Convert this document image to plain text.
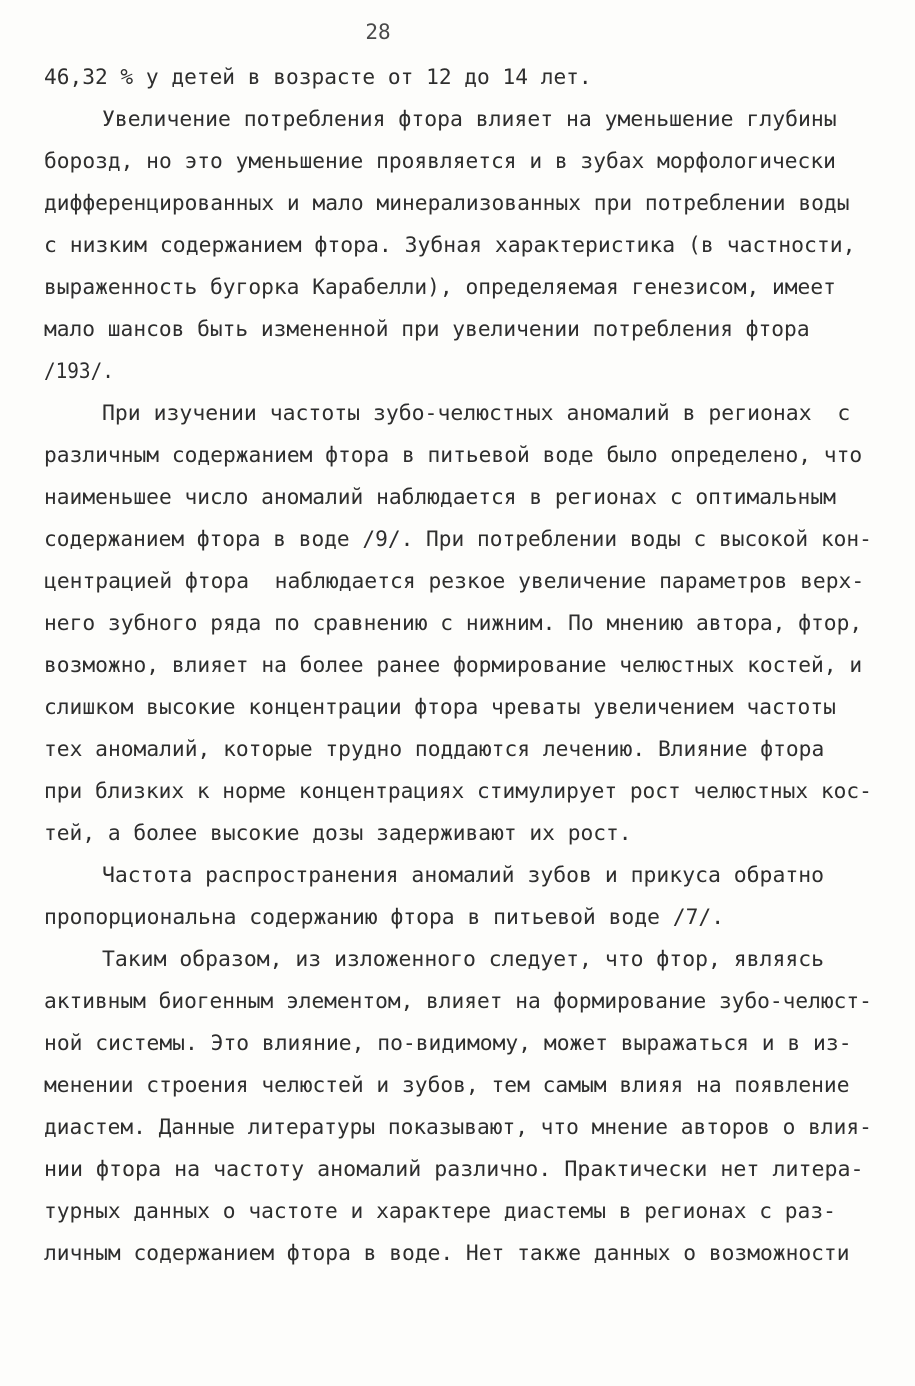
28
46,32 % у детей в возрасте от 12 до 14 лет.
Увеличение потребления фтора влияет на уменьшение глубины
борозд, но это уменьшение проявляется и в зубах морфологически
дифференцированных и мало минерализованных при потреблении воды
с низким содержанием фтора. Зубная характеристика (в частности,
выраженность бугорка Карабелли), определяемая генезисом, имеет
мало шансов быть измененной при увеличении потребления фтора
/193/.
При изучении частоты зубо-челюстных аномалий в регионах  с
различным содержанием фтора в питьевой воде было определено, что
наименьшее число аномалий наблюдается в регионах с оптимальным
содержанием фтора в воде /9/. При потреблении воды с высокой кон-
центрацией фтора  наблюдается резкое увеличение параметров верх-
него зубного ряда по сравнению с нижним. По мнению автора, фтор,
возможно, влияет на более ранее формирование челюстных костей, и
слишком высокие концентрации фтора чреваты увеличением частоты
тех аномалий, которые трудно поддаются лечению. Влияние фтора
при близких к норме концентрациях стимулирует рост челюстных кос-
тей, а более высокие дозы задерживают их рост.
Частота распространения аномалий зубов и прикуса обратно
пропорциональна содержанию фтора в питьевой воде /7/.
Таким образом, из изложенного следует, что фтор, являясь
активным биогенным элементом, влияет на формирование зубо-челюст-
ной системы. Это влияние, по-видимому, может выражаться и в из-
менении строения челюстей и зубов, тем самым влияя на появление
диастем. Данные литературы показывают, что мнение авторов о влия-
нии фтора на частоту аномалий различно. Практически нет литера-
турных данных о частоте и характере диастемы в регионах с раз-
личным содержанием фтора в воде. Нет также данных о возможности
